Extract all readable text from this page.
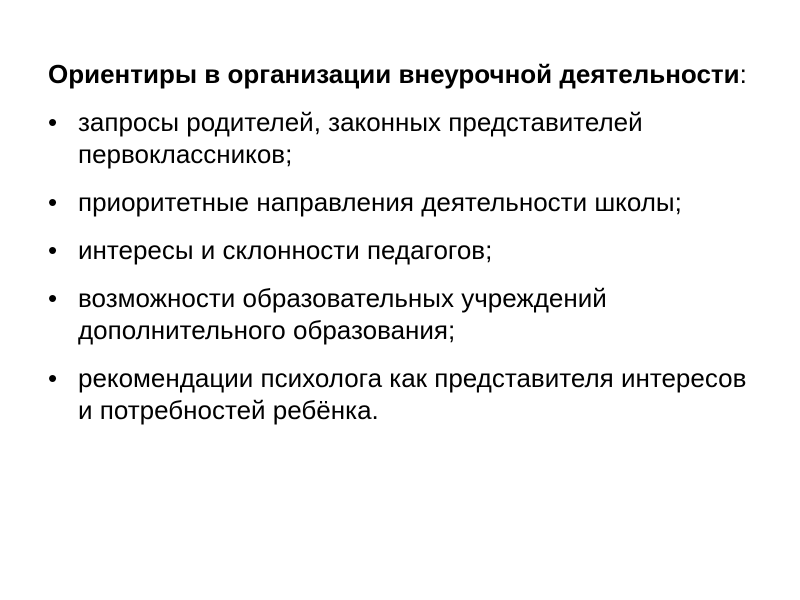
Ориентиры в организации внеурочной деятельности:

• запросы родителей, законных представителей первоклассников;
• приоритетные направления деятельности школы;
• интересы и склонности педагогов;
• возможности образовательных учреждений дополнительного образования;
• рекомендации психолога как представителя интересов и потребностей ребёнка.
